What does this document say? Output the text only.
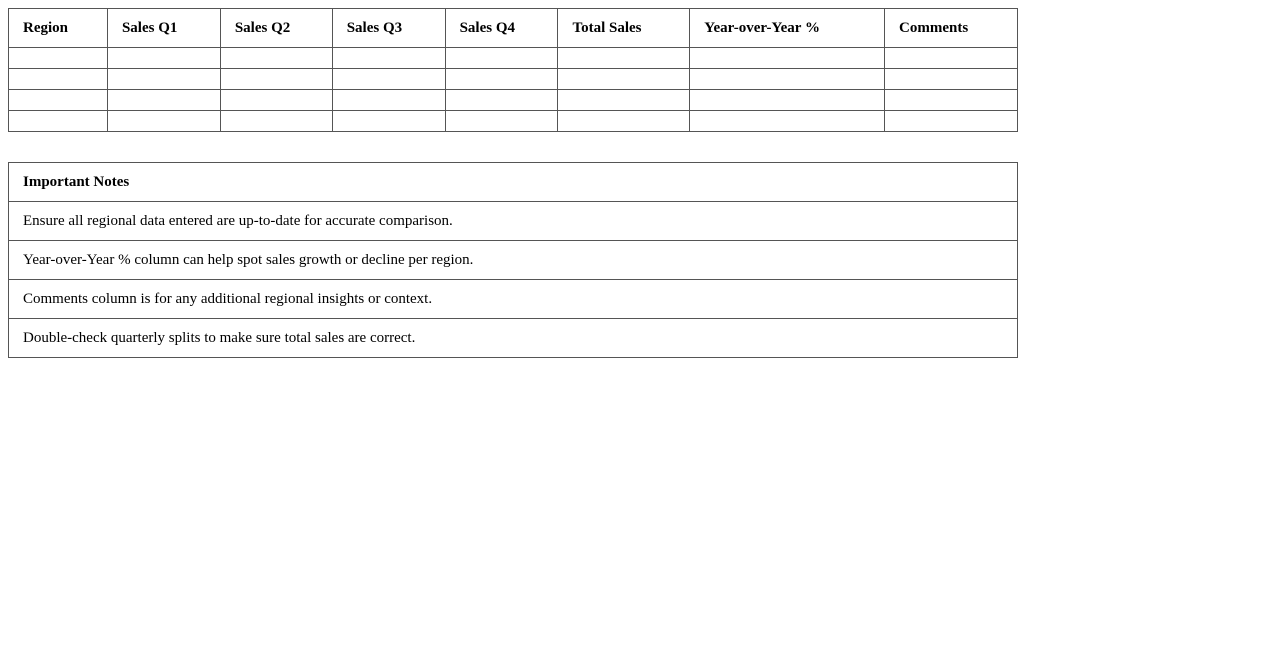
Region	Sales Q1	Sales Q2	Sales Q3	Sales Q4	Total Sales	Year-over-Year %	Comments

Important Notes
Ensure all regional data entered are up-to-date for accurate comparison.
Year-over-Year % column can help spot sales growth or decline per region.
Comments column is for any additional regional insights or context.
Double-check quarterly splits to make sure total sales are correct.
